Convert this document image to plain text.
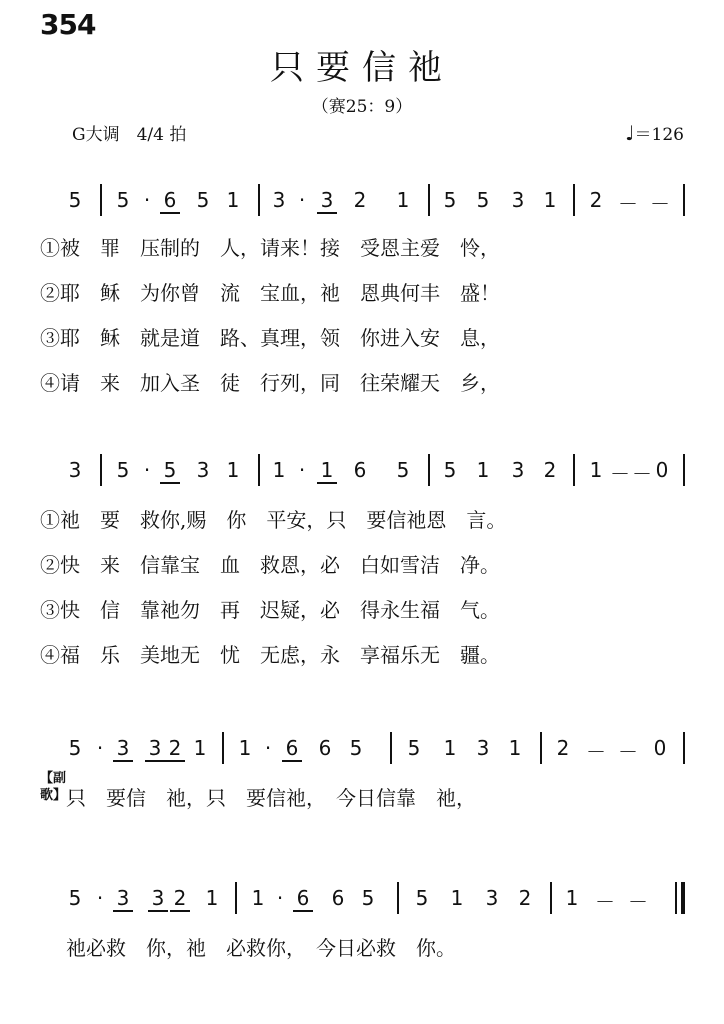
354
只要信祂
（赛25：9）
G大调　4/4 拍	♩＝126
5 5 · 6 5 1 3 · 3 2 1 5 5 3 1 2 － －
①被　罪　压制的　人，请来！接　受恩主爱　怜，
②耶　稣　为你曾　流　宝血，祂　恩典何丰　盛！
③耶　稣　就是道　路、真理，领　你进入安　息，
④请　来　加入圣　徒　行列，同　往荣耀天　乡，
3 5 · 5 3 1 1 · 1 6 5 5 1 3 2 1 － － 0
①祂　要　救你,赐　你　平安，只　要信祂恩　言。
②快　来　信靠宝　血　救恩，必　白如雪洁　净。
③快　信　靠祂勿　再　迟疑，必　得永生福　气。
④福　乐　美地无　忧　无虑，永　享福乐无　疆。
5 · 3 3 2 1 1 · 6 6 5 5 1 3 1 2 － － 0
【副歌】 只　要信　祂，只　要信祂，　今日信靠　祂，
5 · 3 3 2 1 1 · 6 6 5 5 1 3 2 1 － －
祂必救　你，祂　必救你，　今日必救　你。
